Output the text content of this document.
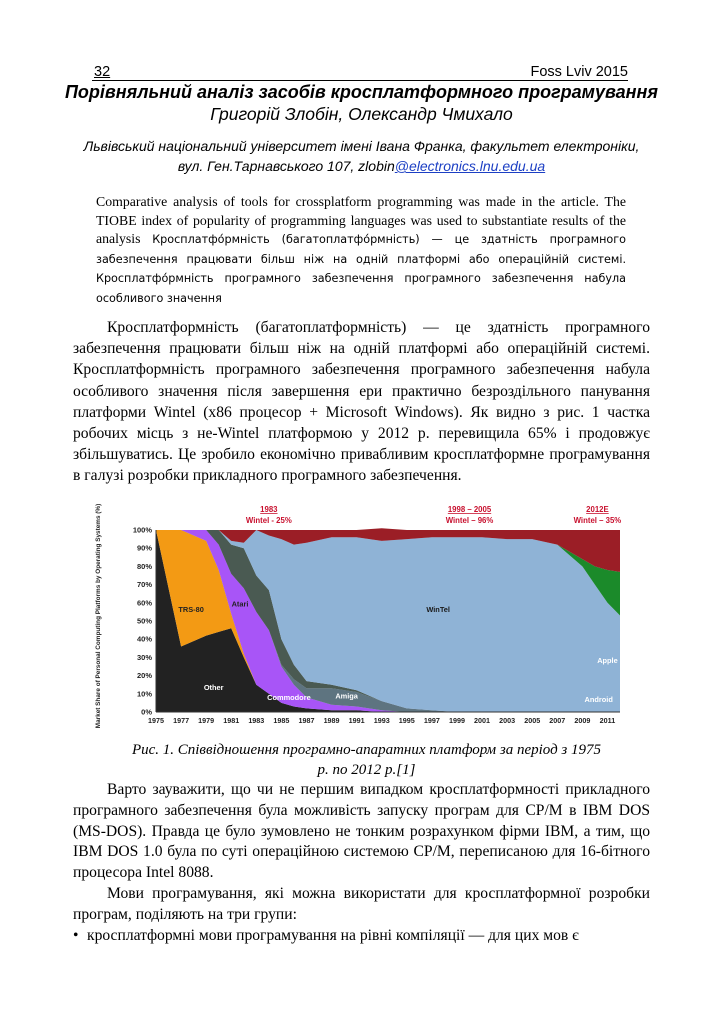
32	Foss Lviv 2015
Порівняльний аналіз засобів кросплатформного програмування
Григорій Злобін, Олександр Чмихало
Львівський національний університет імені Івана Франка, факультет електроніки,
вул. Ген.Тарнавського 107, zlobin@electronics.lnu.edu.ua
Comparative analysis of tools for crossplatform programming was made in the article. The TIOBE index of popularity of programming languages was used to substantiate results of the analysis Кросплатфо́рмність (багатоплатфо́рмність) — це здатність програмного забезпечення працювати більш ніж на одній платформі або операційній системі. Кросплатфо́рмність програмного забезпечення програмного забезпечення набула особливого значення

Кросплатформність (багатоплатформність) — це здатність програмного забезпечення працювати більш ніж на одній платформі або операційній системі. Кросплатформність програмного забезпечення програмного забезпечення набула особливого значення після завершення ери практично безроздільного панування платформи Wintel (x86 процесор + Microsoft Windows). Як видно з рис. 1 частка робочих місць з не-Wintel платформою у 2012 р. перевищила 65% і продовжує збільшуватись. Це зробило економічно привабливим кросплатформне програмування в галузі розробки прикладного програмного забезпечення.

Market Share of Personal Computing Platforms by Operating Systems (%)	0%
10%
20%
30%
40%
50%
60%
70%
80%
90%
100%
1975 1977 1979 1981 1983 1985 1987 1989 1991 1993 1995 1997 1999 2001 2003 2005 2007 2009 2011
Other
TRS-80
Commodore	Amiga
Atari
WinTel
Android
Apple
1983
Wintel - 25%
1998 – 2005
Wintel – 96%
2012E
Wintel – 35%
Рис. 1. Співвідношення програмно-апаратних платформ за період з 1975
р. по 2012 р.[1]

Варто зауважити, що чи не першим випадком кросплатформності прикладного програмного забезпечення була можливість запуску програм для CP/M в IBM DOS (MS-DOS). Правда це було зумовлено не тонким розрахунком фірми IBM, а тим, що IBM DOS 1.0 була по суті операційною системою CP/M, переписаною для 16-бітного процесора Intel 8088.

Мови програмування, які можна використати для кросплатформної розробки програм, поділяють на три групи:

• кросплатформні мови програмування на рівні компіляції — для цих мов є
